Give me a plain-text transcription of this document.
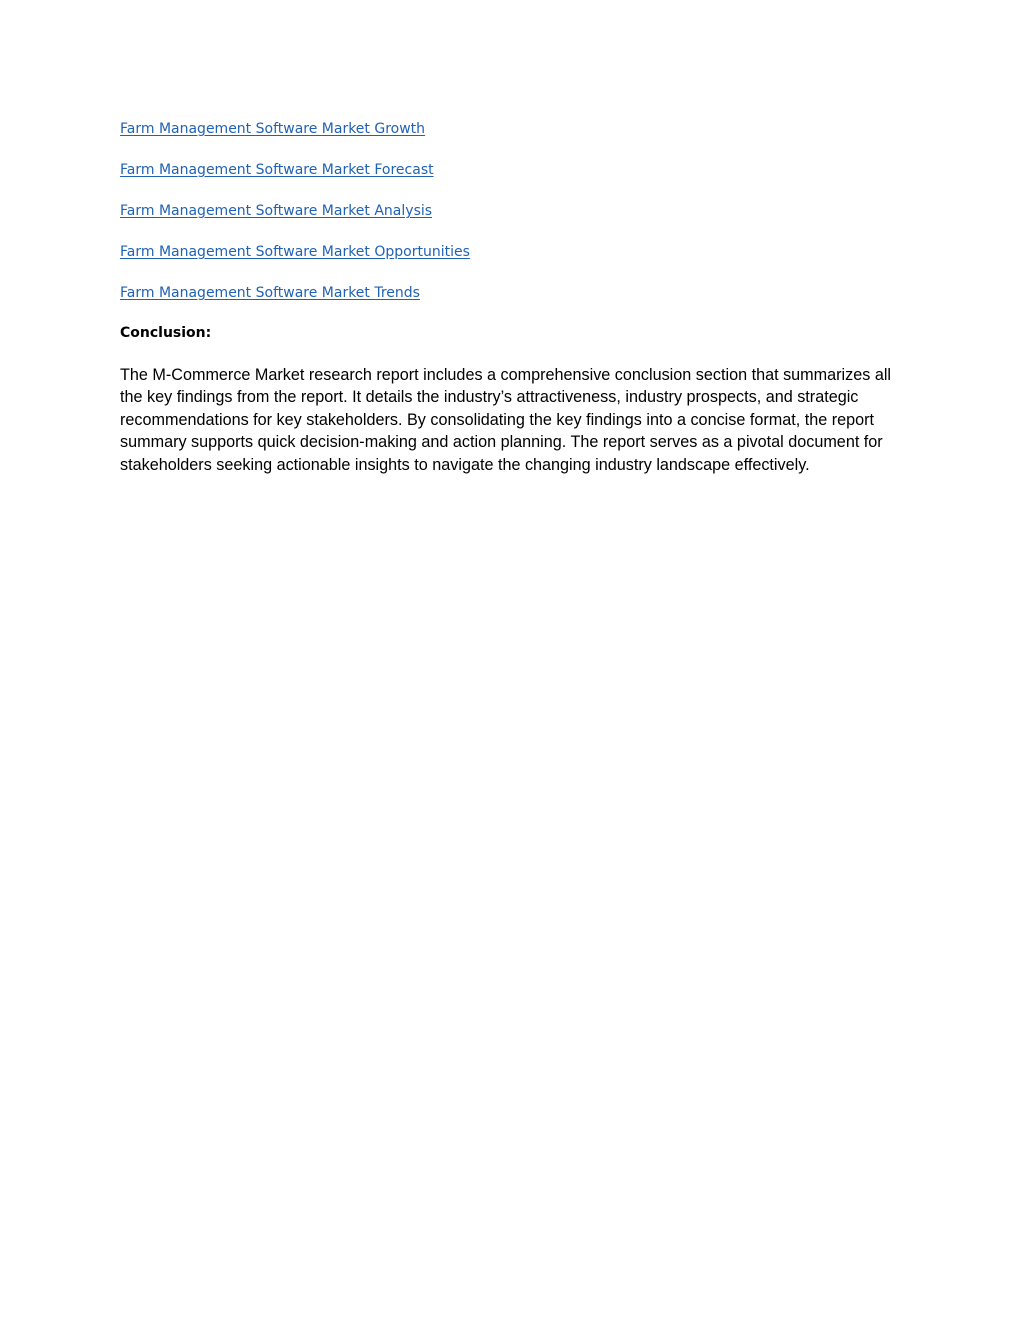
Farm Management Software Market Growth
Farm Management Software Market Forecast
Farm Management Software Market Analysis
Farm Management Software Market Opportunities
Farm Management Software Market Trends
Conclusion:

The M-Commerce Market research report includes a comprehensive conclusion section that summarizes all the key findings from the report. It details the industry’s attractiveness, industry prospects, and strategic recommendations for key stakeholders. By consolidating the key findings into a concise format, the report summary supports quick decision-making and action planning. The report serves as a pivotal document for stakeholders seeking actionable insights to navigate the changing industry landscape effectively.
